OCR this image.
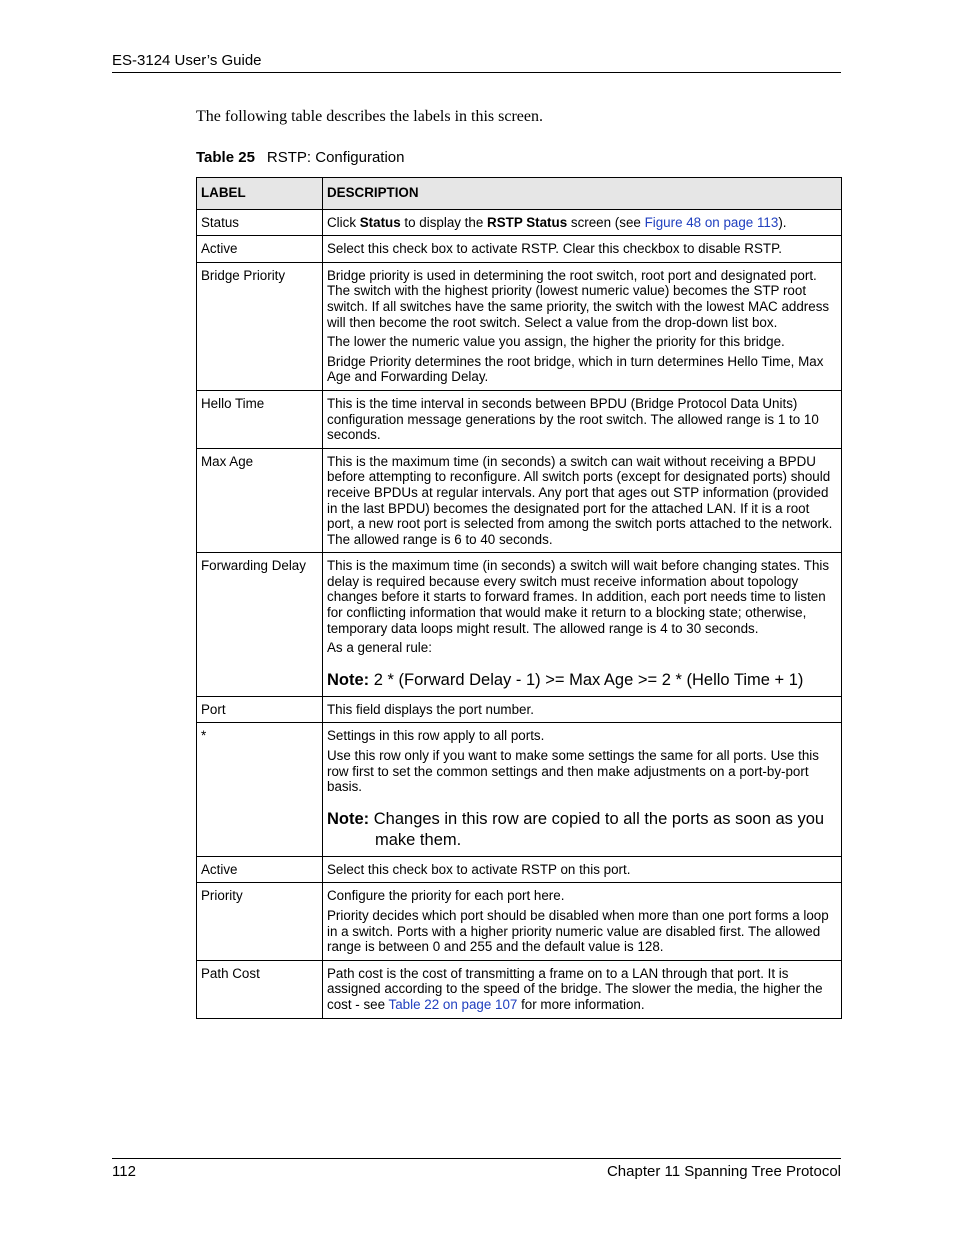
ES-3124 User’s Guide
The following table describes the labels in this screen.
Table 25 RSTP: Configuration
LABEL	DESCRIPTION
Status	Click Status to display the RSTP Status screen (see Figure 48 on page 113).
Active	Select this check box to activate RSTP. Clear this checkbox to disable RSTP.
Bridge Priority	Bridge priority is used in determining the root switch, root port and designated port. The switch with the highest priority (lowest numeric value) becomes the STP root switch. If all switches have the same priority, the switch with the lowest MAC address will then become the root switch. Select a value from the drop-down list box.
The lower the numeric value you assign, the higher the priority for this bridge.
Bridge Priority determines the root bridge, which in turn determines Hello Time, Max Age and Forwarding Delay.

Hello Time	This is the time interval in seconds between BPDU (Bridge Protocol Data Units) configuration message generations by the root switch. The allowed range is 1 to 10 seconds.
Max Age	This is the maximum time (in seconds) a switch can wait without receiving a BPDU before attempting to reconfigure. All switch ports (except for designated ports) should receive BPDUs at regular intervals. Any port that ages out STP information (provided in the last BPDU) becomes the designated port for the attached LAN. If it is a root port, a new root port is selected from among the switch ports attached to the network. The allowed range is 6 to 40 seconds.
Forwarding Delay	This is the maximum time (in seconds) a switch will wait before changing states. This delay is required because every switch must receive information about topology changes before it starts to forward frames. In addition, each port needs time to listen for conflicting information that would make it return to a blocking state; otherwise, temporary data loops might result. The allowed range is 4 to 30 seconds.
As a general rule:
Note: 2 * (Forward Delay - 1) >= Max Age >= 2 * (Hello Time + 1)

Port	This field displays the port number.
*	Settings in this row apply to all ports.
Use this row only if you want to make some settings the same for all ports. Use this row first to set the common settings and then make adjustments on a port-by-port basis.
Note: Changes in this row are copied to all the ports as soon as you make them.

Active	Select this check box to activate RSTP on this port.
Priority	Configure the priority for each port here.
Priority decides which port should be disabled when more than one port forms a loop in a switch. Ports with a higher priority numeric value are disabled first. The allowed range is between 0 and 255 and the default value is 128.

Path Cost	Path cost is the cost of transmitting a frame on to a LAN through that port. It is assigned according to the speed of the bridge. The slower the media, the higher the cost - see Table 22 on page 107 for more information.
112	Chapter 11 Spanning Tree Protocol
